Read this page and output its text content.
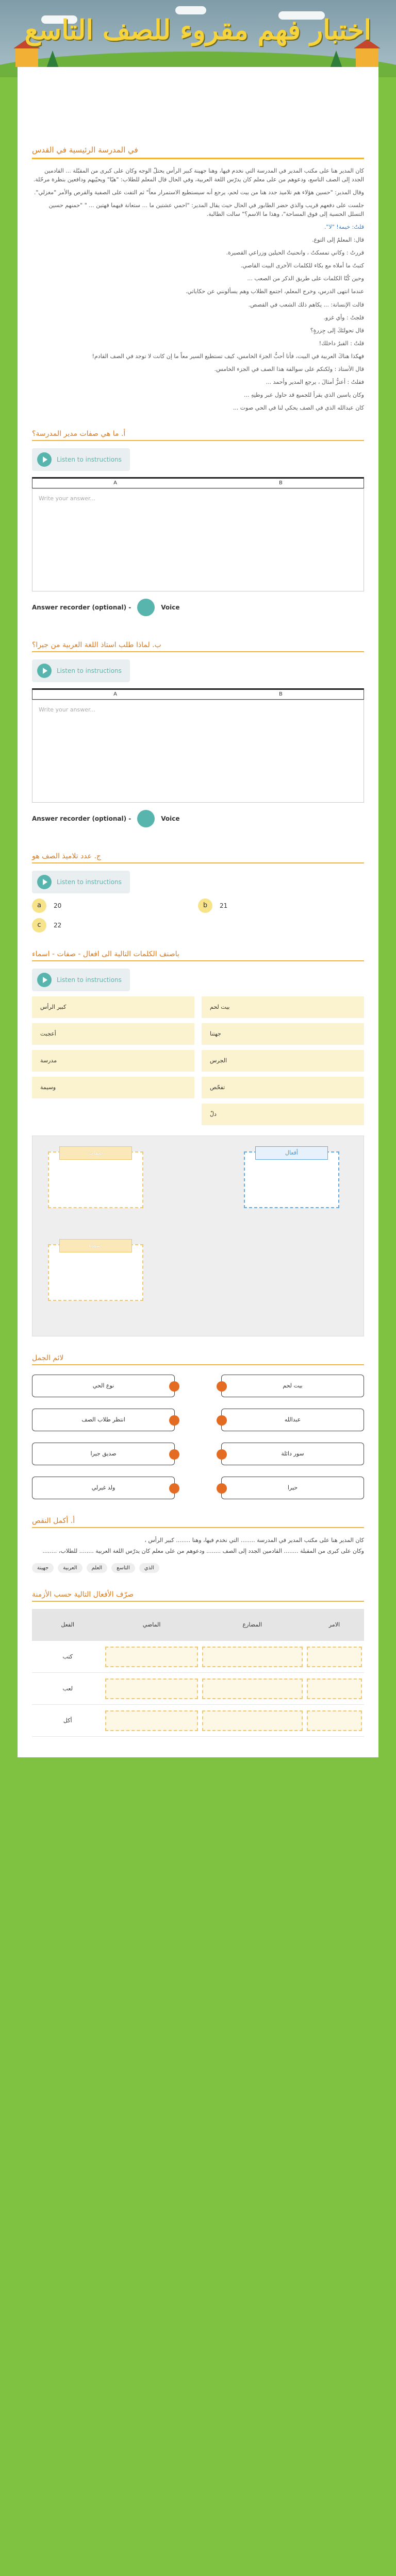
اختبار فهم مقروء للصف التاسع
في المدرسة الرئيسية في القدس

كان المدير هنا على مكتب المدير في المدرسة التي نخدم فيها، وهنا جهينة كبير الرأس يحتلّ الوجه وكان على كبرى من المقبّلة ... القادمين الجدد إلى الصف التاسع، ودعوهم من على معلم كان يدرّس اللغة العربية، وفي الحال قال المعلم للطلاب: "هيّا" ويحيّيهم ودافعين بنظرة مرحّلة.

وقال المدير: "حسين هؤلاء هم تلاميذ جدد هنا من بيت لحم، يرجع أنه سيستطيع الاستمرار معاً" ثم التفت على الصفية والقرص والأمر "مغزلي".

جلست على دفعهم قريب والذي حضر الطابور في الحال حيث يقال المدير: "احمي عشتين ما ... ستعانة فيهما فهتين ... " "حمنهم حسين التسلل الحسية إلى فوق المساحة"، وهذا ما الاسم؟" سالت الطالبة.

قلتُ: خيمة! "لا".

قال: المعلمُ إلى التوع.

قررتُ : وكاني تمسكتُ ، وانحنيتُ الحيلين وزراعي القصيرة.

كتبتُ ما أملاه مع بكاء للكلمات الأخرى البيت القاصي.

وحين كُنّا الكلمات على طريق الذكر من الصعب ...

عندما انتهى الدرس، وخرج المعلم، اجتمع الطلاب وهم يسألونني عن حكاياتي.

قالت الإنسانة: ... يكاهم ذلك الشعب في القصص.

فلجتُ : وأي غزو.

قال تحولتَكَ إلى جِزرةٍ؟

قلتُ : القبرُ داخلك!

فهكذا هناكَ العربية في البيت، فأنا أحبُّ الجزءَ الخامس، كيف تستطيع السير معاً ما إن كانت لا توجد في الصف القادم!

قال الأستاذ : ولكنكم على سوالفة هذا الصف في الجزء الخامس.

فقلتُ : أعتزُّ أمثالَ ، يرجع المدير وأحمد ...

وكان ياسين الذي يقرأ للجميع قد حاول عبر وطنِهِ ...

كان عبدالله الذي في الصف يحكي لنا في الحي صوت ...

أ. ما هي صفات مدير المدرسة؟
Listen to instructions
A	B
Write your answer...
Answer recorder (optional) -	Voice
ب. لماذا طلب استاذ اللغة العربية من جيرا؟
Listen to instructions
A	B
Write your answer...
Answer recorder (optional) -	Voice
ج. عدد تلاميذ الصف هو
Listen to instructions
a	20	b	21
c	22
باصنف الكلمات التالية الى افعال - صفات - اسماء
Listen to instructions
كبير الرأس	بيت لحم
أعجبت	جهتنا
مدرسة	الجرس
وسيمة	تفحّص
دلّ
صفات	أفعال
اسماء
لائم الجمل
نوع الحي	بيت لحم
انتظر طلاب الصف	عبدالله
صديق جيرا	سور دائلة
ولد غيرلي	حيرا
أ. أكمل النقص

كان المدير هنا على مكتب المدير في المدرسة ........ التي نخدم فيها، وهنا ........ كبير الرأس ،

وكان على كبرى من المقبلة ........ القادمين الجدد إلى الصف ........ ودعوهم من على معلم كان يدرّس اللغة العربية ........ للطلاب، ........

جهينة	العربية	العلم	التاسع	الذي
صرّف الأفعال التالية حسب الأزمنة
الفعل	الماضي	المضارع	الامر
كتب	

لعب	

أكل	
